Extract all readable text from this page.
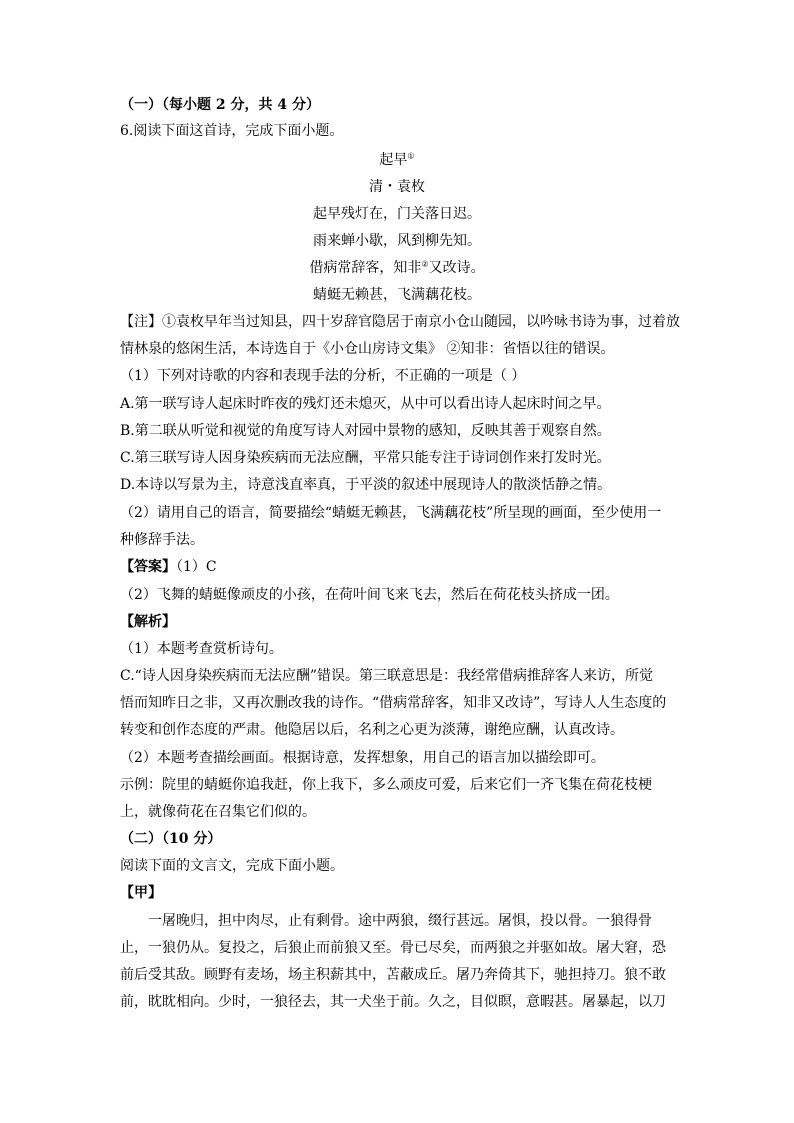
（一）（每小题 2 分，共 4 分）
6.阅读下面这首诗，完成下面小题。
起早①
清・袁枚
起早残灯在，门关落日迟。
雨来蝉小歇，风到柳先知。
借病常辞客，知非②又改诗。
蜻蜓无赖甚，飞满藕花枝。
【注】①袁枚早年当过知县，四十岁辞官隐居于南京小仓山随园，以吟咏书诗为事，过着放
情林泉的悠闲生活，本诗选自于《小仓山房诗文集》 ②知非：省悟以往的错误。
（1）下列对诗歌的内容和表现手法的分析，不正确的一项是（ ）
A.第一联写诗人起床时昨夜的残灯还未熄灭，从中可以看出诗人起床时间之早。
B.第二联从听觉和视觉的角度写诗人对园中景物的感知，反映其善于观察自然。
C.第三联写诗人因身染疾病而无法应酬，平常只能专注于诗词创作来打发时光。
D.本诗以写景为主，诗意浅直率真，于平淡的叙述中展现诗人的散淡恬静之情。
（2）请用自己的语言，简要描绘“蜻蜓无赖甚，飞满藕花枝”所呈现的画面，至少使用一
种修辞手法。
【答案】（1）C
（2）飞舞的蜻蜓像顽皮的小孩，在荷叶间飞来飞去，然后在荷花枝头挤成一团。
【解析】
（1）本题考查赏析诗句。
C.“诗人因身染疾病而无法应酬”错误。第三联意思是：我经常借病推辞客人来访，所觉
悟而知昨日之非，又再次删改我的诗作。“借病常辞客，知非又改诗”，写诗人人生态度的
转变和创作态度的严肃。他隐居以后，名利之心更为淡薄，谢绝应酬，认真改诗。
（2）本题考查描绘画面。根据诗意，发挥想象，用自己的语言加以描绘即可。
示例：院里的蜻蜓你追我赶，你上我下，多么顽皮可爱，后来它们一齐飞集在荷花枝梗
上，就像荷花在召集它们似的。
（二）（10 分）
阅读下面的文言文，完成下面小题。
【甲】
一屠晚归，担中肉尽，止有剩骨。途中两狼，缀行甚远。屠惧，投以骨。一狼得骨
止，一狼仍从。复投之，后狼止而前狼又至。骨已尽矣，而两狼之并驱如故。屠大窘，恐
前后受其敌。顾野有麦场，场主积薪其中，苫蔽成丘。屠乃奔倚其下，驰担持刀。狼不敢
前，眈眈相向。少时，一狼径去，其一犬坐于前。久之，目似瞑，意暇甚。屠暴起，以刀
